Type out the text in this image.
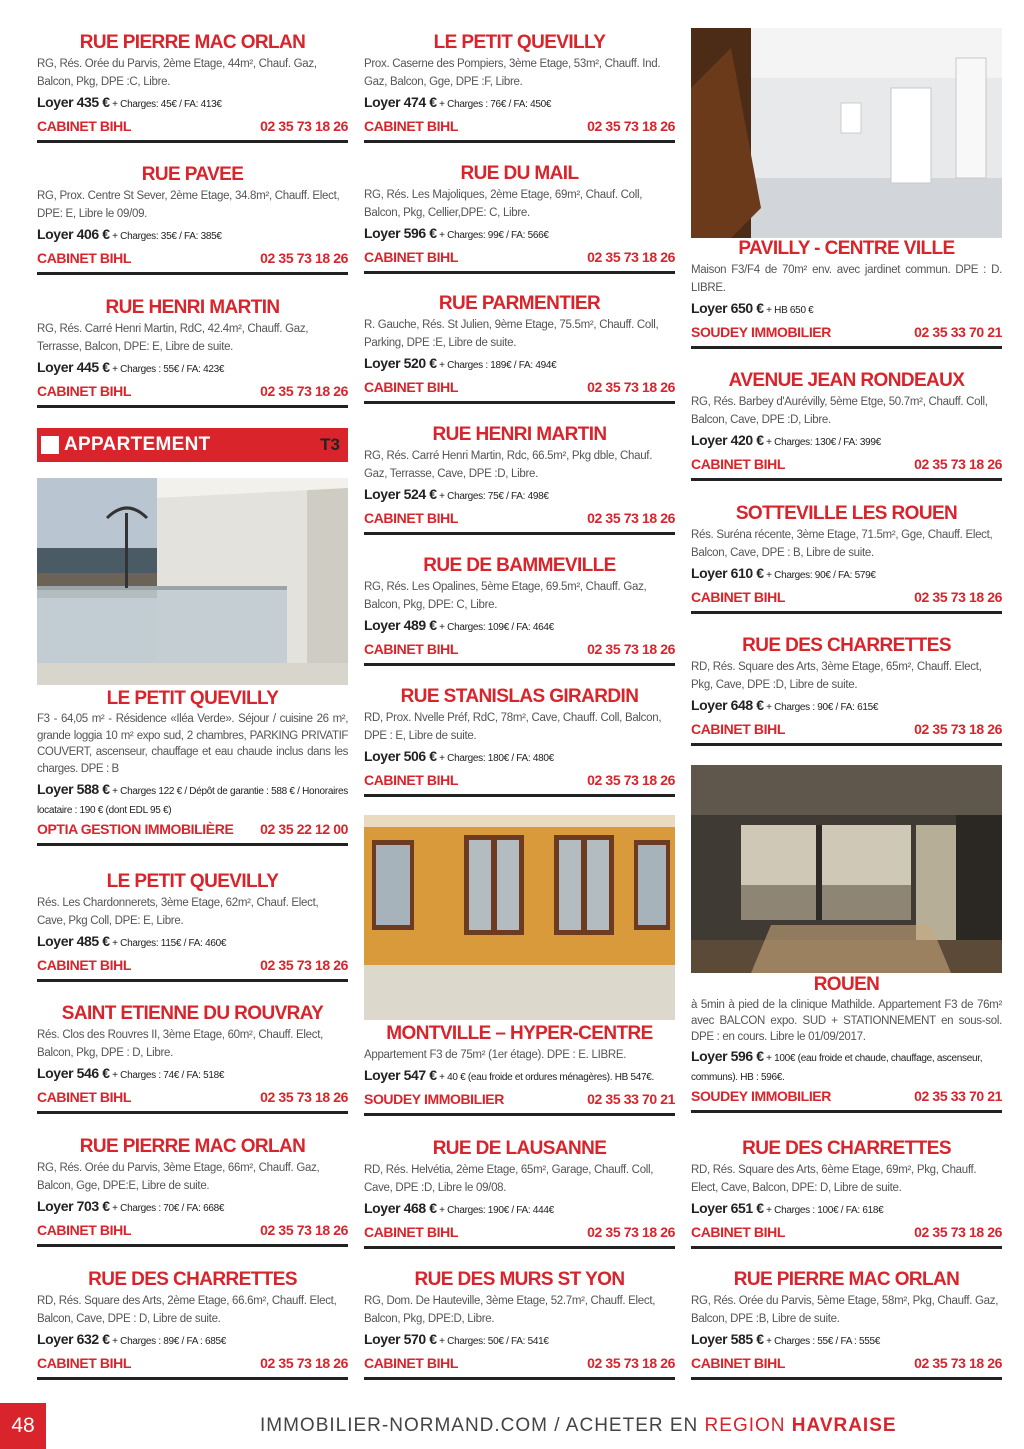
RUE PIERRE MAC ORLAN
RG, Rés. Orée du Parvis, 2ème Etage, 44m², Chauf. Gaz, Balcon, Pkg, DPE :C, Libre.
Loyer 435 € + Charges: 45€ / FA: 413€
CABINET BIHL	02 35 73 18 26
RUE PAVEE
RG, Prox. Centre St Sever, 2ème Etage, 34.8m², Chauff. Elect, DPE: E, Libre le 09/09.
Loyer 406 € + Charges: 35€ / FA: 385€
CABINET BIHL	02 35 73 18 26
RUE HENRI MARTIN
RG, Rés. Carré Henri Martin, RdC, 42.4m², Chauff. Gaz, Terrasse, Balcon, DPE: E, Libre de suite.
Loyer 445 € + Charges : 55€ / FA: 423€
CABINET BIHL	02 35 73 18 26
APPARTEMENT	T3
LE PETIT QUEVILLY
F3 - 64,05 m² - Résidence «Iléa Verde». Séjour / cuisine 26 m², grande loggia 10 m² expo sud, 2 chambres, PARKING PRIVATIF COUVERT, ascenseur, chauffage et eau chaude inclus dans les charges. DPE : B
Loyer 588 € + Charges 122 € / Dépôt de garantie : 588 € / Honoraires locataire : 190 € (dont EDL 95 €)
OPTIA GESTION IMMOBILIÈRE 02 35 22 12 00
LE PETIT QUEVILLY
Rés. Les Chardonnerets, 3ème Etage, 62m², Chauf. Elect, Cave, Pkg Coll, DPE: E, Libre.
Loyer 485 € + Charges: 115€ / FA: 460€
CABINET BIHL	02 35 73 18 26
SAINT ETIENNE DU ROUVRAY
Rés. Clos des Rouvres II, 3ème Etage, 60m², Chauff. Elect, Balcon, Pkg, DPE : D, Libre.
Loyer 546 € + Charges : 74€ / FA: 518€
CABINET BIHL	02 35 73 18 26
RUE PIERRE MAC ORLAN
RG, Rés. Orée du Parvis, 3ème Etage, 66m², Chauff. Gaz, Balcon, Gge, DPE:E, Libre de suite.
Loyer 703 € + Charges : 70€ / FA: 668€
CABINET BIHL	02 35 73 18 26
RUE DES CHARRETTES
RD, Rés. Square des Arts, 2ème Etage, 66.6m², Chauff. Elect, Balcon, Cave, DPE : D, Libre de suite.
Loyer 632 € + Charges : 89€ / FA : 685€
CABINET BIHL	02 35 73 18 26
LE PETIT QUEVILLY
Prox. Caserne des Pompiers, 3ème Etage, 53m², Chauff. Ind. Gaz, Balcon, Gge, DPE :F, Libre.
Loyer 474 € + Charges : 76€ / FA: 450€
CABINET BIHL	02 35 73 18 26
RUE DU MAIL
RG, Rés. Les Majoliques, 2ème Etage, 69m², Chauf. Coll, Balcon, Pkg, Cellier,DPE: C, Libre.
Loyer 596 € + Charges: 99€ / FA: 566€
CABINET BIHL	02 35 73 18 26
RUE PARMENTIER
R. Gauche, Rés. St Julien, 9ème Etage, 75.5m², Chauff. Coll, Parking, DPE :E, Libre de suite.
Loyer 520 € + Charges : 189€ / FA: 494€
CABINET BIHL	02 35 73 18 26
RUE HENRI MARTIN
RG, Rés. Carré Henri Martin, Rdc, 66.5m², Pkg dble, Chauf. Gaz, Terrasse, Cave, DPE :D, Libre.
Loyer 524 € + Charges: 75€ / FA: 498€
CABINET BIHL	02 35 73 18 26
RUE DE BAMMEVILLE
RG, Rés. Les Opalines, 5ème Etage, 69.5m², Chauff. Gaz, Balcon, Pkg, DPE: C, Libre.
Loyer 489 € + Charges: 109€ / FA: 464€
CABINET BIHL	02 35 73 18 26
RUE STANISLAS GIRARDIN
RD, Prox. Nvelle Préf, RdC, 78m², Cave, Chauff. Coll, Balcon, DPE : E, Libre de suite.
Loyer 506 € + Charges: 180€ / FA: 480€
CABINET BIHL	02 35 73 18 26
MONTVILLE – HYPER-CENTRE
Appartement F3 de 75m² (1er étage). DPE : E. LIBRE.
Loyer 547 € + 40 € (eau froide et ordures ménagères). HB 547€.
SOUDEY IMMOBILIER	02 35 33 70 21
RUE DE LAUSANNE
RD, Rés. Helvétia, 2ème Etage, 65m², Garage, Chauff. Coll, Cave, DPE :D, Libre le 09/08.
Loyer 468 € + Charges: 190€ / FA: 444€
CABINET BIHL	02 35 73 18 26
RUE DES MURS ST YON
RG, Dom. De Hauteville, 3ème Etage, 52.7m², Chauff. Elect, Balcon, Pkg, DPE:D, Libre.
Loyer 570 € + Charges: 50€ / FA: 541€
CABINET BIHL	02 35 73 18 26
PAVILLY - CENTRE VILLE
Maison F3/F4 de 70m² env. avec jardinet commun. DPE : D. LIBRE.
Loyer 650 € + HB 650 €
SOUDEY IMMOBILIER	02 35 33 70 21
AVENUE JEAN RONDEAUX
RG, Rés. Barbey d'Aurévilly, 5ème Etge, 50.7m², Chauff. Coll, Balcon, Cave, DPE :D, Libre.
Loyer 420 € + Charges: 130€ / FA: 399€
CABINET BIHL	02 35 73 18 26
SOTTEVILLE LES ROUEN
Rés. Suréna récente, 3ème Etage, 71.5m², Gge, Chauff. Elect, Balcon, Cave, DPE : B, Libre de suite.
Loyer 610 € + Charges: 90€ / FA: 579€
CABINET BIHL	02 35 73 18 26
RUE DES CHARRETTES
RD, Rés. Square des Arts, 3ème Etage, 65m², Chauff. Elect, Pkg, Cave, DPE :D, Libre de suite.
Loyer 648 € + Charges : 90€ / FA: 615€
CABINET BIHL	02 35 73 18 26
ROUEN
à 5min à pied de la clinique Mathilde. Appartement F3 de 76m² avec BALCON expo. SUD + STATIONNEMENT en sous-sol. DPE : en cours. Libre le 01/09/2017.
Loyer 596 € + 100€ (eau froide et chaude, chauffage, ascenseur, communs). HB : 596€.
SOUDEY IMMOBILIER	02 35 33 70 21
RUE DES CHARRETTES
RD, Rés. Square des Arts, 6ème Etage, 69m², Pkg, Chauff. Elect, Cave, Balcon, DPE: D, Libre de suite.
Loyer 651 € + Charges : 100€ / FA: 618€
CABINET BIHL	02 35 73 18 26
RUE PIERRE MAC ORLAN
RG, Rés. Orée du Parvis, 5ème Etage, 58m², Pkg, Chauff. Gaz, Balcon, DPE :B, Libre de suite.
Loyer 585 € + Charges : 55€ / FA : 555€
CABINET BIHL	02 35 73 18 26
48	IMMOBILIER-NORMAND.COM / ACHETER EN REGION HAVRAISE
